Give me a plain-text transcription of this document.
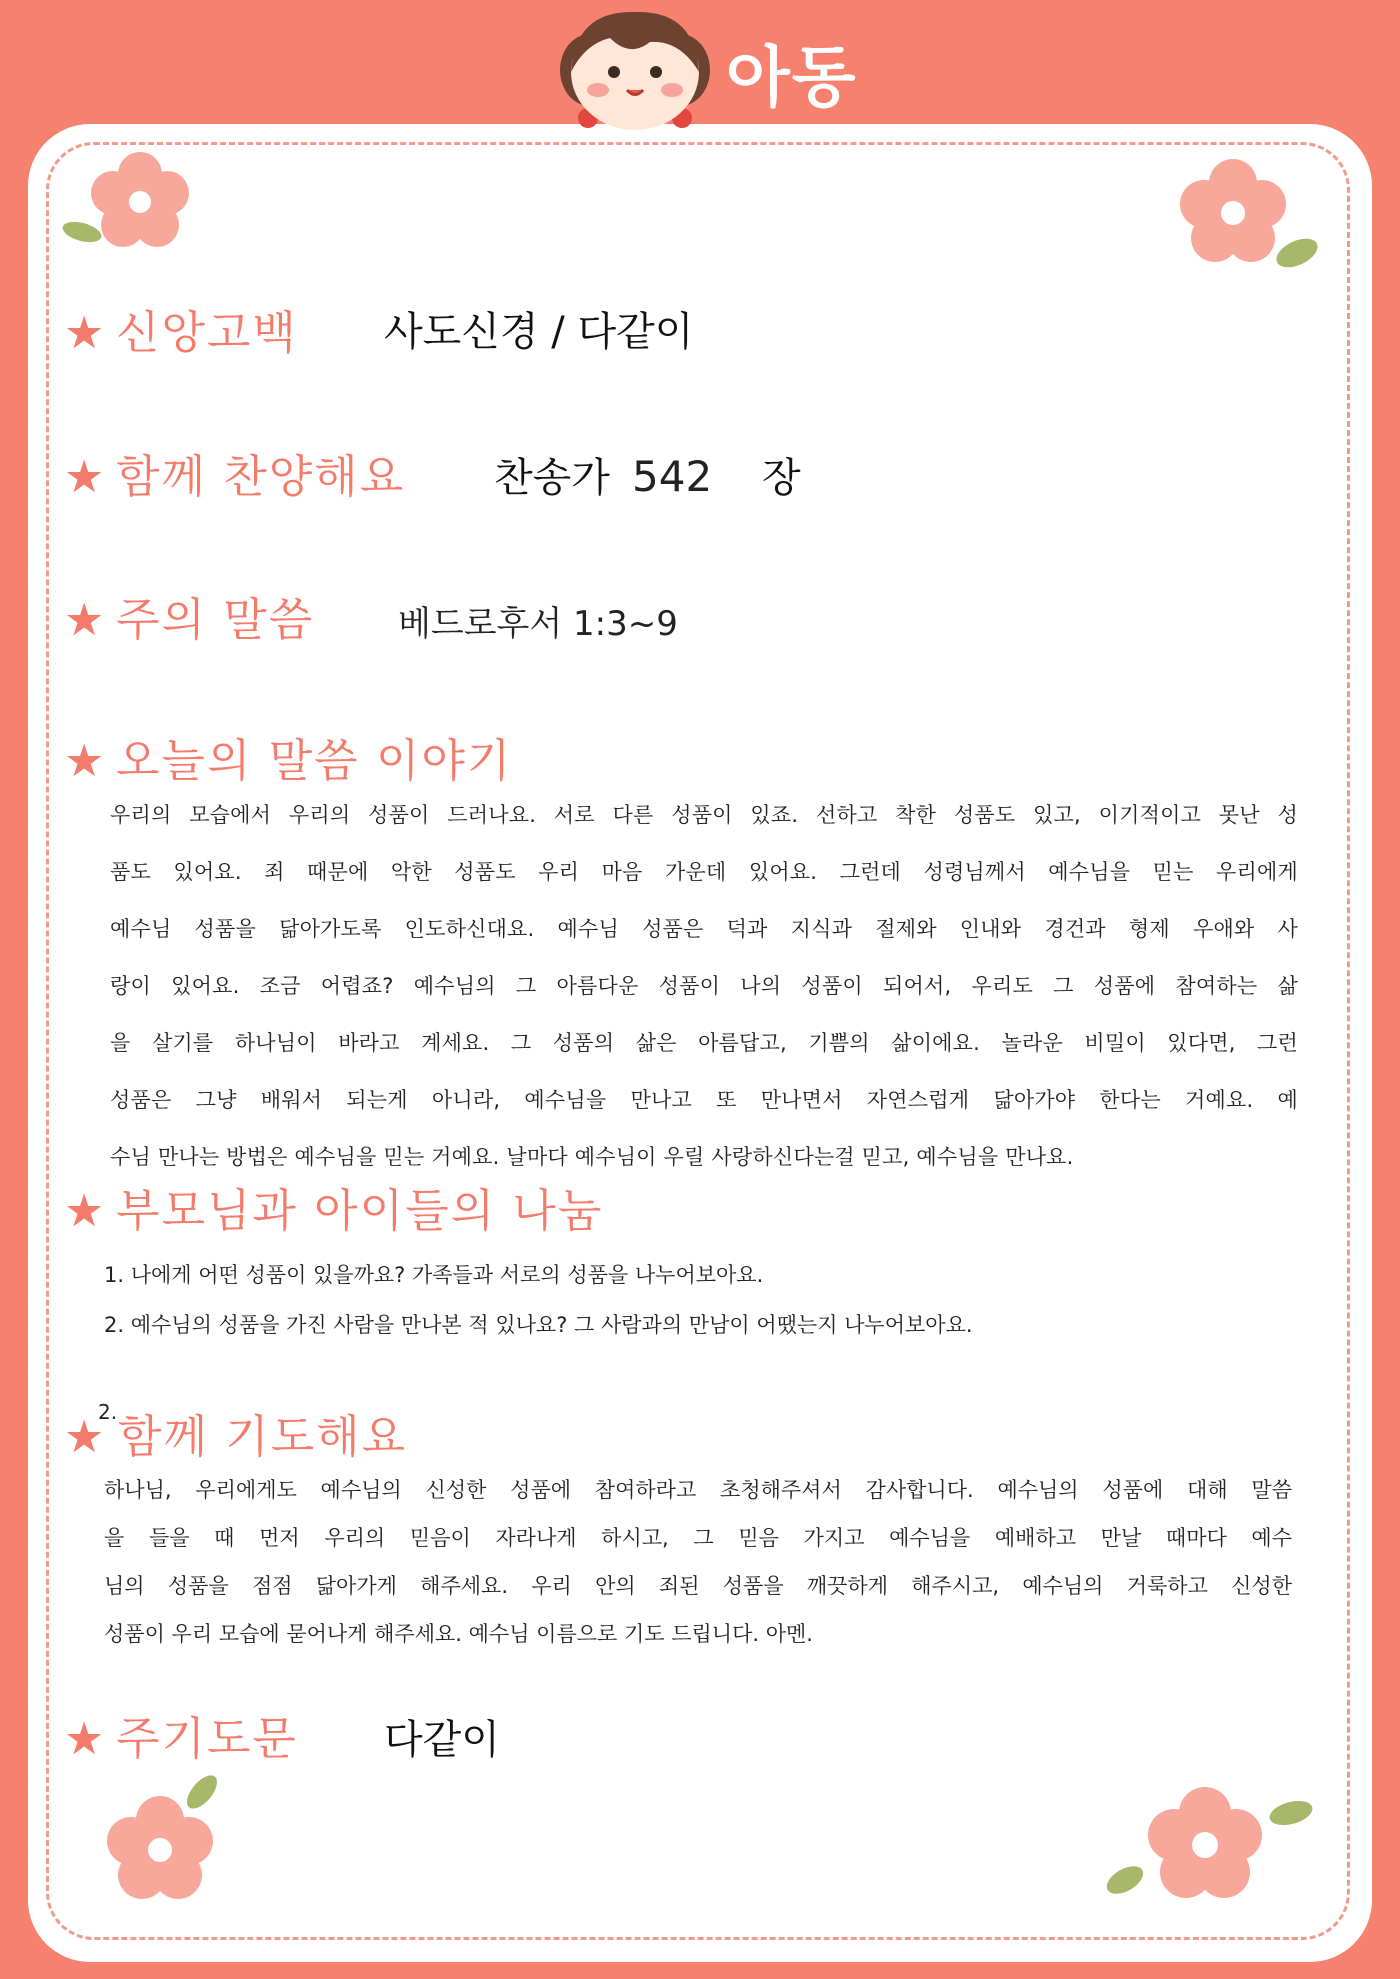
아동
★ 신앙고백 사도신경 / 다같이
★ 함께 찬양해요 찬송가 542 장
★ 주의 말씀 베드로후서 1:3~9
★ 오늘의 말씀 이야기
우리의 모습에서 우리의 성품이 드러나요. 서로 다른 성품이 있죠. 선하고 착한 성품도 있고, 이기적이고 못난 성
품도 있어요. 죄 때문에 악한 성품도 우리 마음 가운데 있어요. 그런데 성령님께서 예수님을 믿는 우리에게
예수님 성품을 닮아가도록 인도하신대요. 예수님 성품은 덕과 지식과 절제와 인내와 경건과 형제 우애와 사
랑이 있어요. 조금 어렵죠? 예수님의 그 아름다운 성품이 나의 성품이 되어서, 우리도 그 성품에 참여하는 삶
을 살기를 하나님이 바라고 계세요. 그 성품의 삶은 아름답고, 기쁨의 삶이에요. 놀라운 비밀이 있다면, 그런
성품은 그냥 배워서 되는게 아니라, 예수님을 만나고 또 만나면서 자연스럽게 닮아가야 한다는 거예요. 예
수님 만나는 방법은 예수님을 믿는 거예요. 날마다 예수님이 우릴 사랑하신다는걸 믿고, 예수님을 만나요.
★ 부모님과 아이들의 나눔
1. 나에게 어떤 성품이 있을까요? 가족들과 서로의 성품을 나누어보아요.
2. 예수님의 성품을 가진 사람을 만나본 적 있나요? 그 사람과의 만남이 어땠는지 나누어보아요.
★2.함께 기도해요
하나님, 우리에게도 예수님의 신성한 성품에 참여하라고 초청해주셔서 감사합니다. 예수님의 성품에 대해 말씀
을 들을 때 먼저 우리의 믿음이 자라나게 하시고, 그 믿음 가지고 예수님을 예배하고 만날 때마다 예수
님의 성품을 점점 닮아가게 해주세요. 우리 안의 죄된 성품을 깨끗하게 해주시고, 예수님의 거룩하고 신성한
성품이 우리 모습에 묻어나게 해주세요. 예수님 이름으로 기도 드립니다. 아멘.
★ 주기도문 다같이
